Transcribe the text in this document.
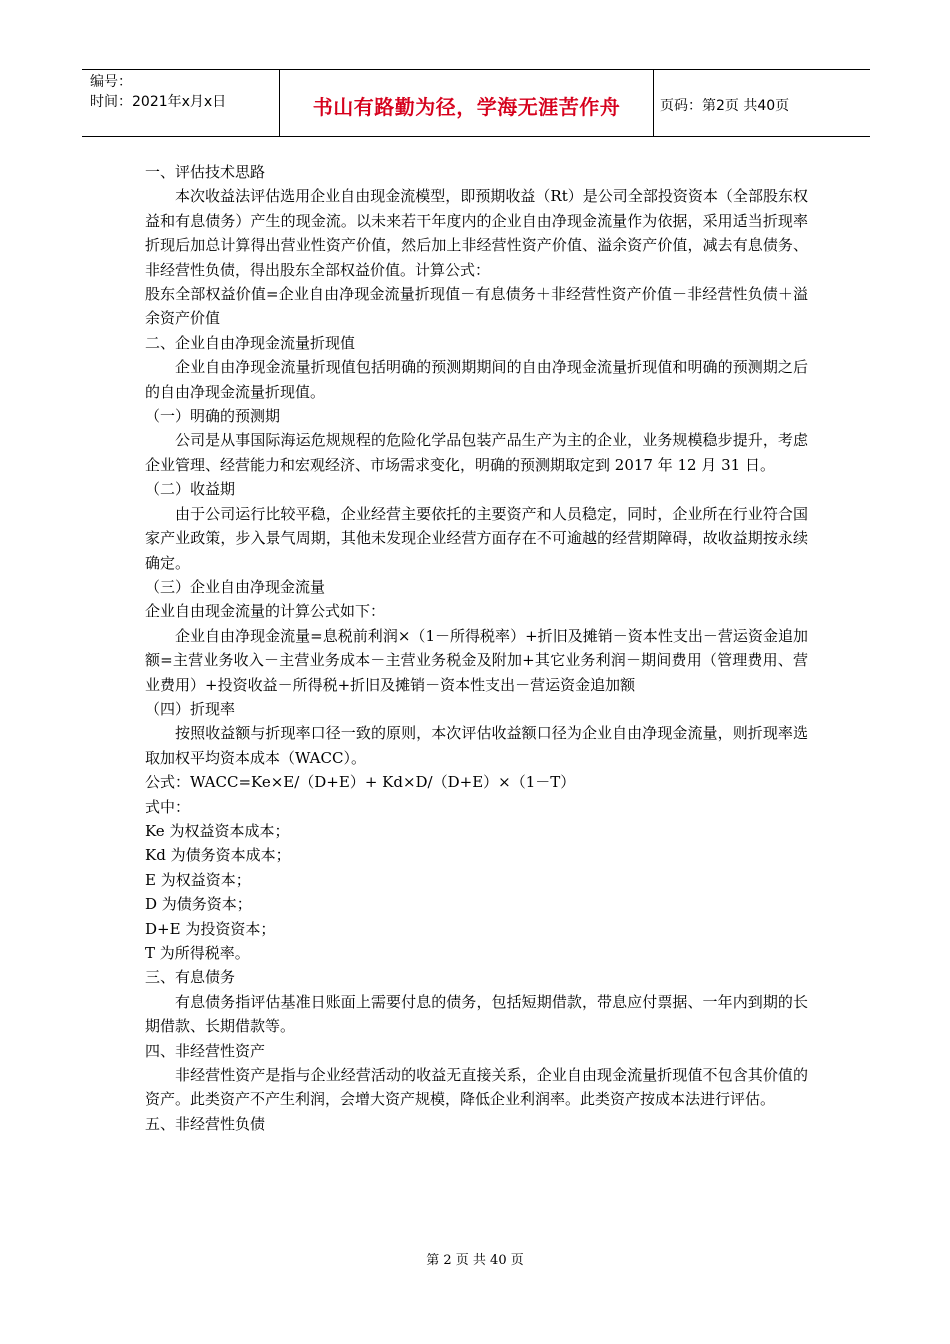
编号：
时间：2021年x月x日	书山有路勤为径，学海无涯苦作舟	页码：第2页 共40页

一、评估技术思路

本次收益法评估选用企业自由现金流模型，即预期收益（Rt）是公司全部投资资本（全部股东权益和有息债务）产生的现金流。以未来若干年度内的企业自由净现金流量作为依据，采用适当折现率折现后加总计算得出营业性资产价值，然后加上非经营性资产价值、溢余资产价值，减去有息债务、非经营性负债，得出股东全部权益价值。计算公式：

股东全部权益价值=企业自由净现金流量折现值－有息债务＋非经营性资产价值－非经营性负债＋溢余资产价值

二、企业自由净现金流量折现值

企业自由净现金流量折现值包括明确的预测期期间的自由净现金流量折现值和明确的预测期之后的自由净现金流量折现值。

（一）明确的预测期

公司是从事国际海运危规规程的危险化学品包装产品生产为主的企业，业务规模稳步提升，考虑企业管理、经营能力和宏观经济、市场需求变化，明确的预测期取定到 2017 年 12 月 31 日。

（二）收益期

由于公司运行比较平稳，企业经营主要依托的主要资产和人员稳定，同时，企业所在行业符合国家产业政策，步入景气周期，其他未发现企业经营方面存在不可逾越的经营期障碍，故收益期按永续确定。

（三）企业自由净现金流量

企业自由现金流量的计算公式如下：

企业自由净现金流量=息税前利润×（1－所得税率）+折旧及摊销－资本性支出－营运资金追加额=主营业务收入－主营业务成本－主营业务税金及附加+其它业务利润－期间费用（管理费用、营业费用）+投资收益－所得税+折旧及摊销－资本性支出－营运资金追加额

（四）折现率

按照收益额与折现率口径一致的原则，本次评估收益额口径为企业自由净现金流量，则折现率选取加权平均资本成本（WACC）。

公式：WACC=Ke×E/（D+E）+ Kd×D/（D+E）×（1－T）

式中：

Ke 为权益资本成本；

Kd 为债务资本成本；

E 为权益资本；

D 为债务资本；

D+E 为投资资本；

T 为所得税率。

三、有息债务

有息债务指评估基准日账面上需要付息的债务，包括短期借款，带息应付票据、一年内到期的长期借款、长期借款等。

四、非经营性资产

非经营性资产是指与企业经营活动的收益无直接关系，企业自由现金流量折现值不包含其价值的资产。此类资产不产生利润，会增大资产规模，降低企业利润率。此类资产按成本法进行评估。

五、非经营性负债

第 2 页 共 40 页
